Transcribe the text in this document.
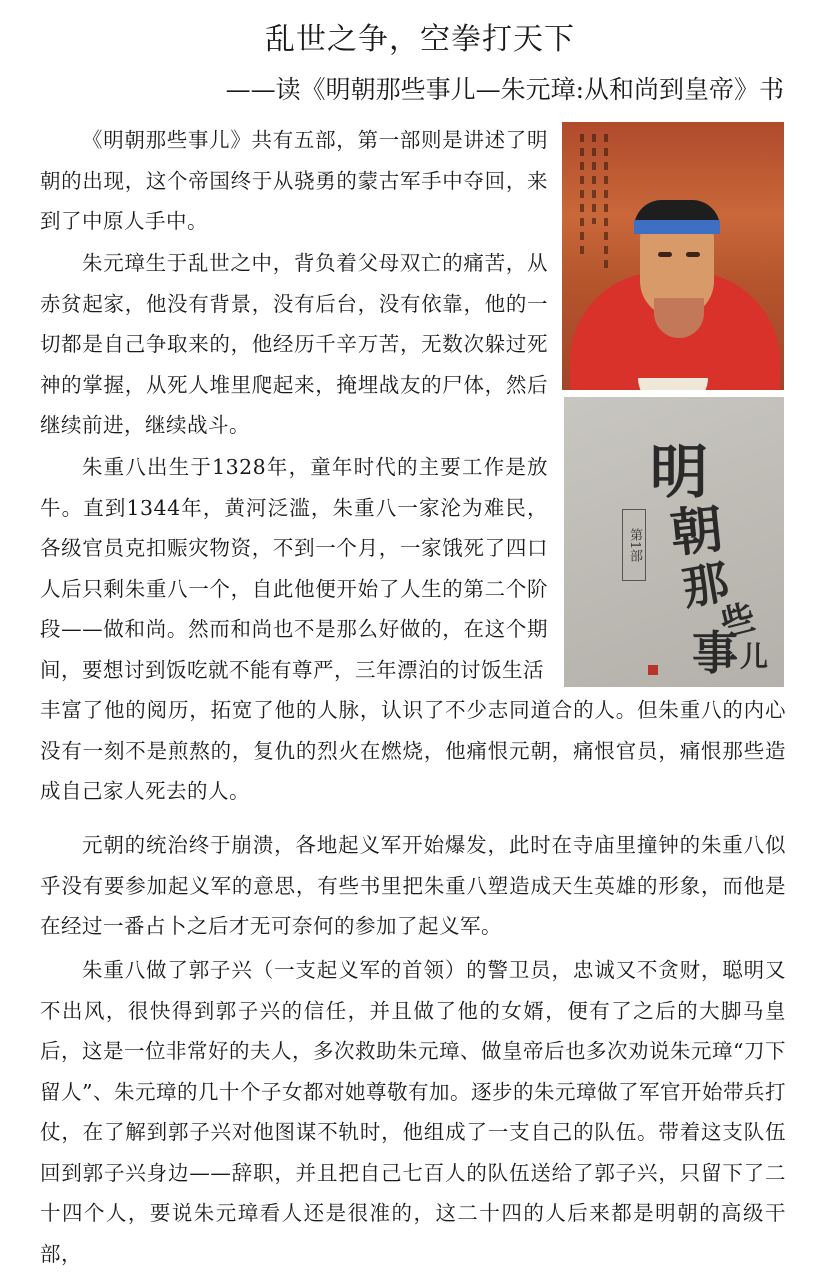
乱世之争，空拳打天下
——读《明朝那些事儿—朱元璋:从和尚到皇帝》书

《明朝那些事儿》共有五部，第一部则是讲述了明朝的出现，这个帝国终于从骁勇的蒙古军手中夺回，来到了中原人手中。

朱元璋生于乱世之中，背负着父母双亡的痛苦，从赤贫起家，他没有背景，没有后台，没有依靠，他的一切都是自己争取来的，他经历千辛万苦，无数次躲过死神的掌握，从死人堆里爬起来，掩埋战友的尸体，然后继续前进，继续战斗。

朱重八出生于1328年，童年时代的主要工作是放牛。直到1344年，黄河泛滥，朱重八一家沦为难民，各级官员克扣赈灾物资，不到一个月，一家饿死了四口人后只剩朱重八一个，自此他便开始了人生的第二个阶段——做和尚。然而和尚也不是那么好做的，在这个期间，要想讨到饭吃就不能有尊严，三年漂泊的讨饭生活

丰富了他的阅历，拓宽了他的人脉，认识了不少志同道合的人。但朱重八的内心没有一刻不是煎熬的，复仇的烈火在燃烧，他痛恨元朝，痛恨官员，痛恨那些造成自己家人死去的人。

元朝的统治终于崩溃，各地起义军开始爆发，此时在寺庙里撞钟的朱重八似乎没有要参加起义军的意思，有些书里把朱重八塑造成天生英雄的形象，而他是在经过一番占卜之后才无可奈何的参加了起义军。

朱重八做了郭子兴（一支起义军的首领）的警卫员，忠诚又不贪财，聪明又不出风，很快得到郭子兴的信任，并且做了他的女婿，便有了之后的大脚马皇后，这是一位非常好的夫人，多次救助朱元璋、做皇帝后也多次劝说朱元璋“刀下留人”、朱元璋的几十个子女都对她尊敬有加。逐步的朱元璋做了军官开始带兵打仗，在了解到郭子兴对他图谋不轨时，他组成了一支自己的队伍。带着这支队伍回到郭子兴身边——辞职，并且把自己七百人的队伍送给了郭子兴，只留下了二十四个人，要说朱元璋看人还是很准的，这二十四的人后来都是明朝的高级干部，

明
朝
那
些
事 儿
第1部
